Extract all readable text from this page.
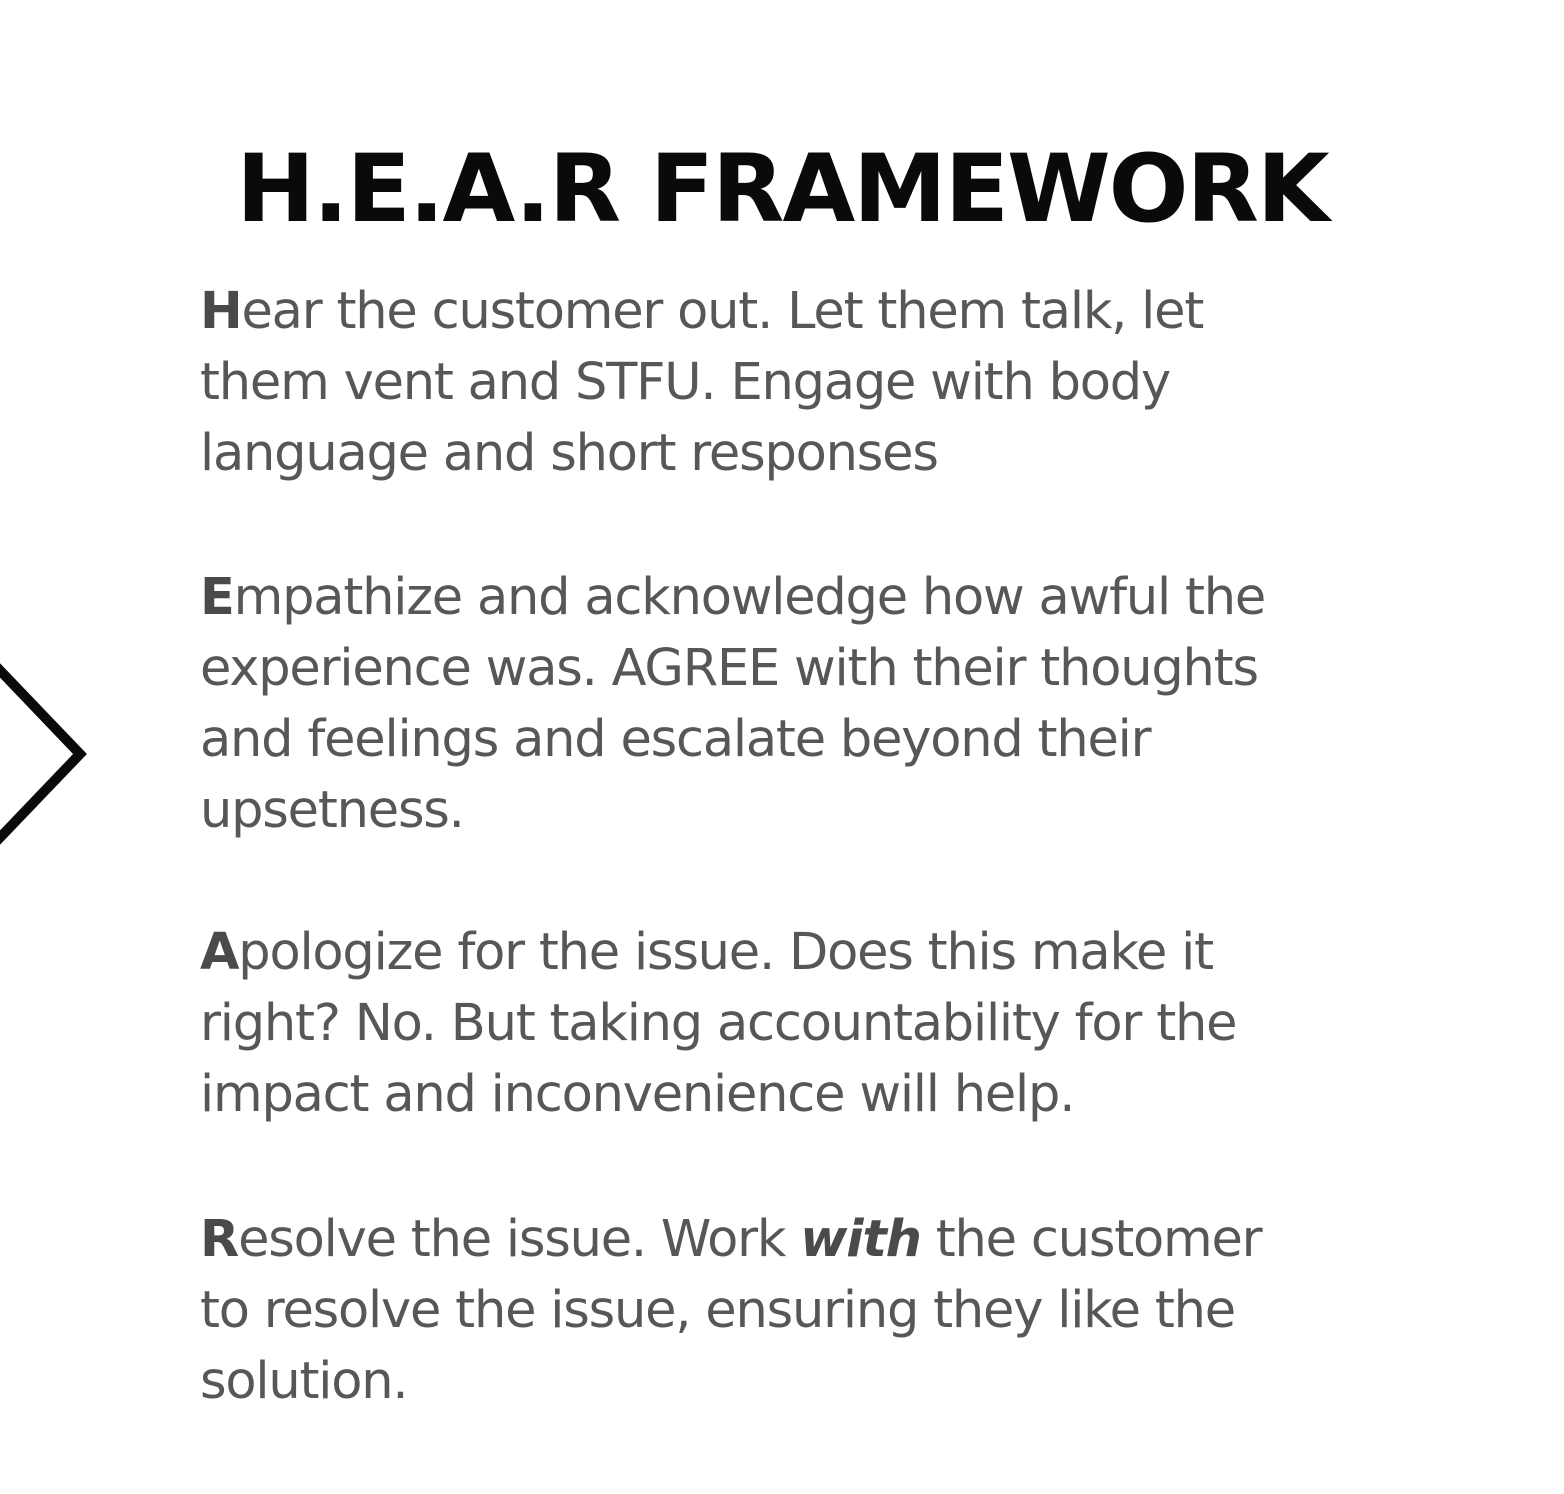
H.E.A.R FRAMEWORK
Hear the customer out. Let them talk, let
them vent and STFU. Engage with body
language and short responses
Empathize and acknowledge how awful the
experience was. AGREE with their thoughts
and feelings and escalate beyond their
upsetness.
Apologize for the issue. Does this make it
right? No. But taking accountability for the
impact and inconvenience will help.
Resolve the issue. Work with the customer
to resolve the issue, ensuring they like the
solution.
